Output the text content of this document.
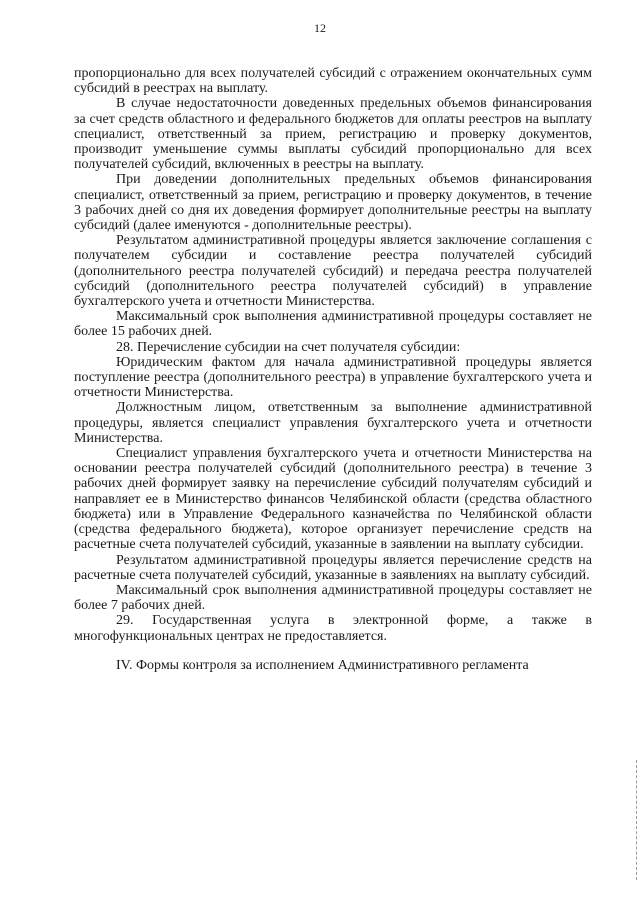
12

пропорционально для всех получателей субсидий с отражением окончательных сумм субсидий в реестрах на выплату.

В случае недостаточности доведенных предельных объемов финансирования за счет средств областного и федерального бюджетов для оплаты реестров на выплату специалист, ответственный за прием, регистрацию и проверку документов, производит уменьшение суммы выплаты субсидий пропорционально для всех получателей субсидий, включенных в реестры на выплату.

При доведении дополнительных предельных объемов финансирования специалист, ответственный за прием, регистрацию и проверку документов, в течение 3 рабочих дней со дня их доведения формирует дополнительные реестры на выплату субсидий (далее именуются - дополнительные реестры).

Результатом административной процедуры является заключение соглашения с получателем субсидии и составление реестра получателей субсидий (дополнительного реестра получателей субсидий) и передача реестра получателей субсидий (дополнительного реестра получателей субсидий) в управление бухгалтерского учета и отчетности Министерства.

Максимальный срок выполнения административной процедуры составляет не более 15 рабочих дней.

28. Перечисление субсидии на счет получателя субсидии:

Юридическим фактом для начала административной процедуры является поступление реестра (дополнительного реестра) в управление бухгалтерского учета и отчетности Министерства.

Должностным лицом, ответственным за выполнение административной процедуры, является специалист управления бухгалтерского учета и отчетности Министерства.

Специалист управления бухгалтерского учета и отчетности Министерства на основании реестра получателей субсидий (дополнительного реестра) в течение 3 рабочих дней формирует заявку на перечисление субсидий получателям субсидий и направляет ее в Министерство финансов Челябинской области (средства областного бюджета) или в Управление Федерального казначейства по Челябинской области (средства федерального бюджета), которое организует перечисление средств на расчетные счета получателей субсидий, указанные в заявлении на выплату субсидии.

Результатом административной процедуры является перечисление средств на расчетные счета получателей субсидий, указанные в заявлениях на выплату субсидий.

Максимальный срок выполнения административной процедуры составляет не более 7 рабочих дней.

29. Государственная услуга в электронной форме, а также в многофункциональных центрах не предоставляется.

IV. Формы контроля за исполнением Административного регламента
